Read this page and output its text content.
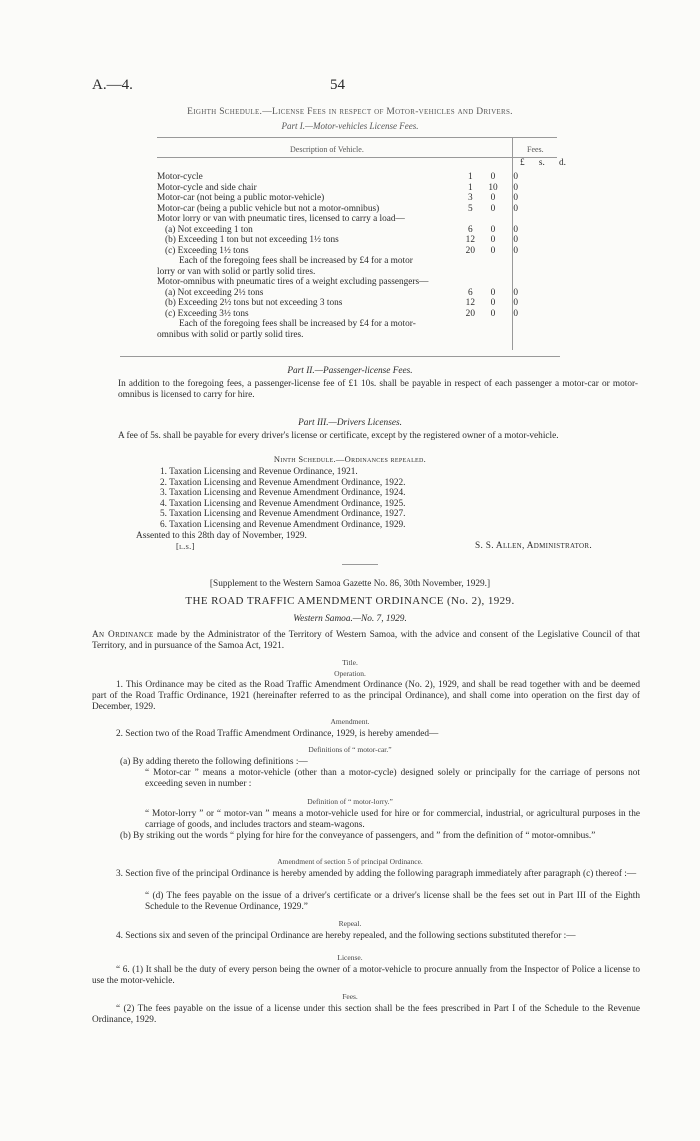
A.—4.	54
Eighth Schedule.—License Fees in respect of Motor-vehicles and Drivers.
Part I.—Motor-vehicles License Fees.
Description of Vehicle.	Fees.
£ s. d.
Motor-cycle	1	0	0
Motor-cycle and side chair	1	10	0
Motor-car (not being a public motor-vehicle)	3	0	0
Motor-car (being a public vehicle but not a motor-omnibus)	5	0	0
Motor lorry or van with pneumatic tires, licensed to carry a load—
(a) Not exceeding 1 ton	6	0	0
(b) Exceeding 1 ton but not exceeding 1½ tons	12	0	0
(c) Exceeding 1½ tons	20	0	0
Each of the foregoing fees shall be increased by £4 for a motor
lorry or van with solid or partly solid tires.
Motor-omnibus with pneumatic tires of a weight excluding passengers—
(a) Not exceeding 2½ tons	6	0	0
(b) Exceeding 2½ tons but not exceeding 3 tons	12	0	0
(c) Exceeding 3½ tons	20	0	0
Each of the foregoing fees shall be increased by £4 for a motor-
omnibus with solid or partly solid tires.
Part II.—Passenger-license Fees.
In addition to the foregoing fees, a passenger-license fee of £1 10s. shall be payable in respect of each passenger a motor-car or motor-omnibus is licensed to carry for hire.
Part III.—Drivers Licenses.
A fee of 5s. shall be payable for every driver's license or certificate, except by the registered owner of a motor-vehicle.
Ninth Schedule.—Ordinances repealed.
1. Taxation Licensing and Revenue Ordinance, 1921.
2. Taxation Licensing and Revenue Amendment Ordinance, 1922.
3. Taxation Licensing and Revenue Amendment Ordinance, 1924.
4. Taxation Licensing and Revenue Amendment Ordinance, 1925.
5. Taxation Licensing and Revenue Amendment Ordinance, 1927.
6. Taxation Licensing and Revenue Amendment Ordinance, 1929.
Assented to this 28th day of November, 1929.
[l.s.]	S. S. Allen, Administrator.
[Supplement to the Western Samoa Gazette No. 86, 30th November, 1929.]
THE ROAD TRAFFIC AMENDMENT ORDINANCE (No. 2), 1929.
Western Samoa.—No. 7, 1929.
An Ordinance made by the Administrator of the Territory of Western Samoa, with the advice and consent of the Legislative Council of that Territory, and in pursuance of the Samoa Act, 1921.
Title.
Operation.
1. This Ordinance may be cited as the Road Traffic Amendment Ordinance (No. 2), 1929, and shall be read together with and be deemed part of the Road Traffic Ordinance, 1921 (hereinafter referred to as the principal Ordinance), and shall come into operation on the first day of December, 1929.
Amendment.
2. Section two of the Road Traffic Amendment Ordinance, 1929, is hereby amended—
Definitions of “ motor-car.”
(a) By adding thereto the following definitions :—
“ Motor-car ” means a motor-vehicle (other than a motor-cycle) designed solely or principally for the carriage of persons not exceeding seven in number :
Definition of “ motor-lorry.”
“ Motor-lorry ” or “ motor-van ” means a motor-vehicle used for hire or for commercial, industrial, or agricultural purposes in the carriage of goods, and includes tractors and steam-wagons.
(b) By striking out the words “ plying for hire for the conveyance of passengers, and ” from the definition of “ motor-omnibus.”
Amendment of section 5 of principal Ordinance.
3. Section five of the principal Ordinance is hereby amended by adding the following paragraph immediately after paragraph (c) thereof :—
“ (d) The fees payable on the issue of a driver's certificate or a driver's license shall be the fees set out in Part III of the Eighth Schedule to the Revenue Ordinance, 1929.”
Repeal.
4. Sections six and seven of the principal Ordinance are hereby repealed, and the following sections substituted therefor :—
License.
“ 6. (1) It shall be the duty of every person being the owner of a motor-vehicle to procure annually from the Inspector of Police a license to use the motor-vehicle.
Fees.
“ (2) The fees payable on the issue of a license under this section shall be the fees prescribed in Part I of the Schedule to the Revenue Ordinance, 1929.
